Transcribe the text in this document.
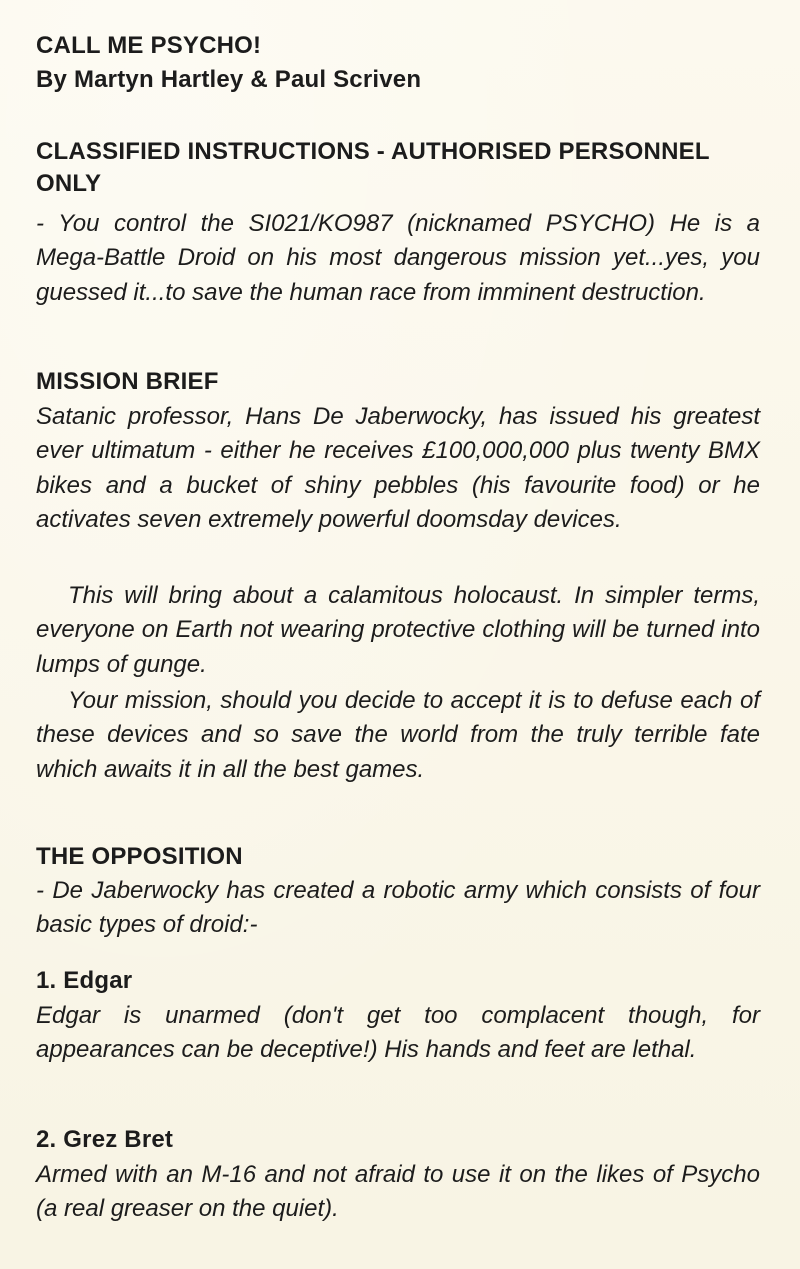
CALL ME PSYCHO!
By Martyn Hartley & Paul Scriven
CLASSIFIED INSTRUCTIONS - AUTHORISED PERSONNEL ONLY

- You control the SI021/KO987 (nicknamed PSYCHO) He is a Mega-Battle Droid on his most dangerous mission yet...yes, you guessed it...to save the human race from imminent destruction.

MISSION BRIEF

Satanic professor, Hans De Jaberwocky, has issued his greatest ever ultimatum - either he receives £100,000,000 plus twenty BMX bikes and a bucket of shiny pebbles (his favourite food) or he activates seven extremely powerful doomsday devices.

This will bring about a calamitous holocaust. In simpler terms, everyone on Earth not wearing protective clothing will be turned into lumps of gunge.

Your mission, should you decide to accept it is to defuse each of these devices and so save the world from the truly terrible fate which awaits it in all the best games.

THE OPPOSITION

- De Jaberwocky has created a robotic army which consists of four basic types of droid:-

1. Edgar

Edgar is unarmed (don't get too complacent though, for appearances can be deceptive!) His hands and feet are lethal.

2. Grez Bret

Armed with an M-16 and not afraid to use it on the likes of Psycho (a real greaser on the quiet).
